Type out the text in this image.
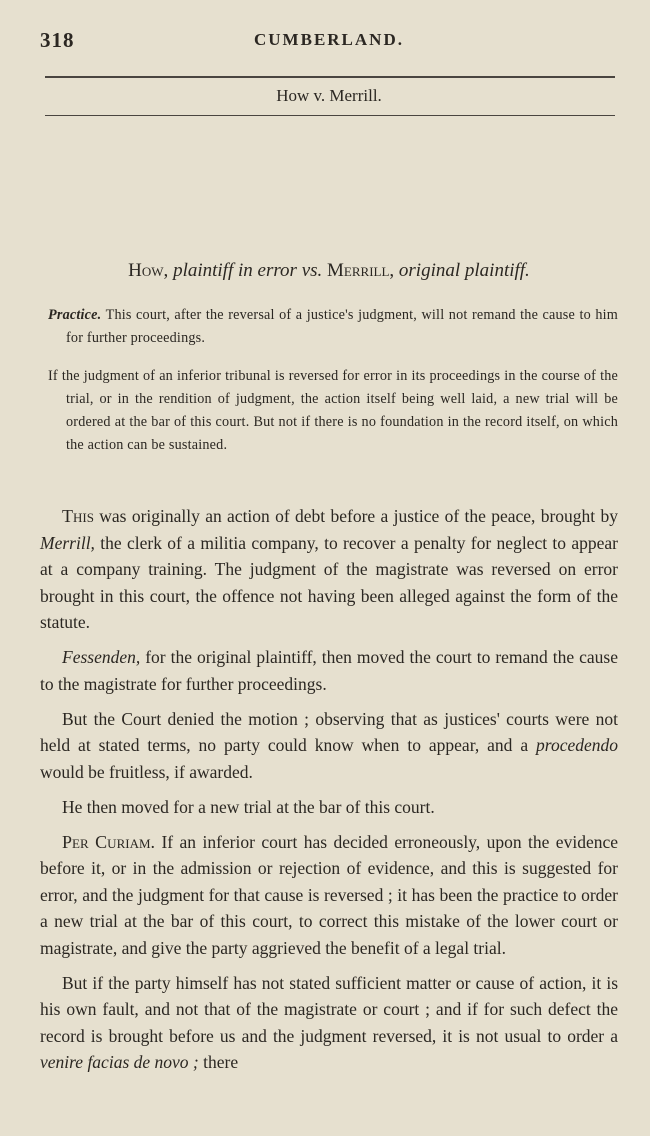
318	CUMBERLAND.
How v. Merrill.
How, plaintiff in error vs. Merrill, original plaintiff.
Practice. This court, after the reversal of a justice's judgment, will not remand the cause to him for further proceedings.
If the judgment of an inferior tribunal is reversed for error in its proceedings in the course of the trial, or in the rendition of judgment, the action itself being well laid, a new trial will be ordered at the bar of this court. But not if there is no foundation in the record itself, on which the action can be sustained.

This was originally an action of debt before a justice of the peace, brought by Merrill, the clerk of a militia company, to recover a penalty for neglect to appear at a company training. The judgment of the magistrate was reversed on error brought in this court, the offence not having been alleged against the form of the statute.

Fessenden, for the original plaintiff, then moved the court to remand the cause to the magistrate for further proceedings.

But the Court denied the motion ; observing that as justices' courts were not held at stated terms, no party could know when to appear, and a procedendo would be fruitless, if awarded.

He then moved for a new trial at the bar of this court.

Per Curiam. If an inferior court has decided erroneously, upon the evidence before it, or in the admission or rejection of evidence, and this is suggested for error, and the judgment for that cause is reversed ; it has been the practice to order a new trial at the bar of this court, to correct this mistake of the lower court or magistrate, and give the party aggrieved the benefit of a legal trial.

But if the party himself has not stated sufficient matter or cause of action, it is his own fault, and not that of the magistrate or court ; and if for such defect the record is brought before us and the judgment reversed, it is not usual to order a venire facias de novo ; there
